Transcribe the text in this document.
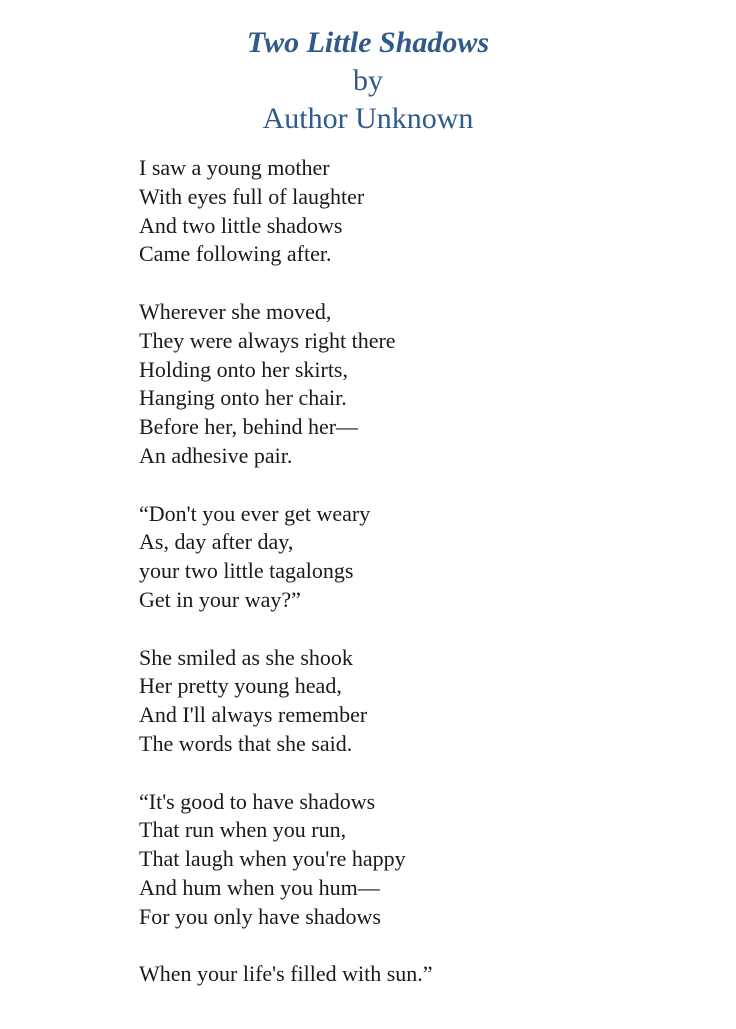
Two Little Shadows

by

Author Unknown

I saw a young mother

With eyes full of laughter

And two little shadows

Came following after.

Wherever she moved,

They were always right there

Holding onto her skirts,

Hanging onto her chair.

Before her, behind her—

An adhesive pair.

“Don't you ever get weary

As, day after day,

your two little tagalongs

Get in your way?”

She smiled as she shook

Her pretty young head,

And I'll always remember

The words that she said.

“It's good to have shadows

That run when you run,

That laugh when you're happy

And hum when you hum—

For you only have shadows

When your life's filled with sun.”
